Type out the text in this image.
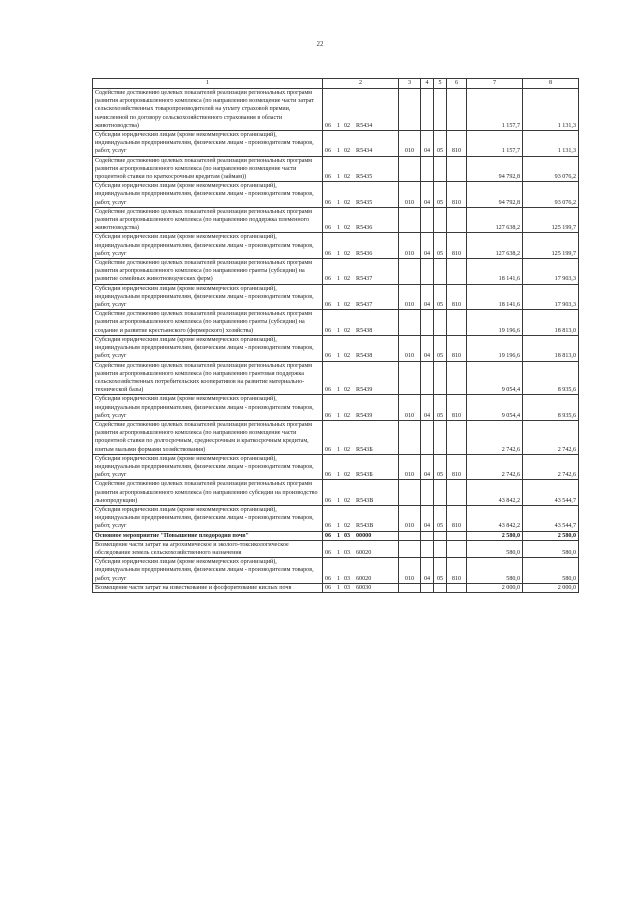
22
1	2	3	4	5	6	7	8
Содействие достижению целевых показателей реализации региональных программ развития агропромышленного комплекса (по направлению возмещение части затрат сельскохозяйственных товаропроизводителей на уплату страховой премии, начисленной по договору сельскохозяйственного страхования в области животноводства)	06 1 02 R5434					1 157,7	1 131,3
Субсидии юридическим лицам (кроме некоммерческих организаций), индивидуальным предпринимателям, физическим лицам - производителям товаров, работ, услуг	06 1 02 R5434	010	04	05	810	1 157,7	1 131,3
Содействие достижению целевых показателей реализации региональных программ развития агропромышленного комплекса (по направлению возмещение части процентной ставки по краткосрочным кредитам (займам))	06 1 02 R5435					94 792,8	93 076,2
Субсидии юридическим лицам (кроме некоммерческих организаций), индивидуальным предпринимателям, физическим лицам - производителям товаров, работ, услуг	06 1 02 R5435	010	04	05	810	94 792,8	93 076,2
Содействие достижению целевых показателей реализации региональных программ развития агропромышленного комплекса (по направлению поддержка племенного животноводства)	06 1 02 R5436					127 638,2	125 199,7
Субсидии юридическим лицам (кроме некоммерческих организаций), индивидуальным предпринимателям, физическим лицам - производителям товаров, работ, услуг	06 1 02 R5436	010	04	05	810	127 638,2	125 199,7
Содействие достижению целевых показателей реализации региональных программ развития агропромышленного комплекса (по направлению гранты (субсидии) на развитие семейных животноводческих ферм)	06 1 02 R5437					18 141,6	17 903,3
Субсидии юридическим лицам (кроме некоммерческих организаций), индивидуальным предпринимателям, физическим лицам - производителям товаров, работ, услуг	06 1 02 R5437	010	04	05	810	18 141,6	17 903,3
Содействие достижению целевых показателей реализации региональных программ развития агропромышленного комплекса (по направлению гранты (субсидии) на создание и развитие крестьянского (фермерского) хозяйства)	06 1 02 R5438					19 196,6	18 813,0
Субсидии юридическим лицам (кроме некоммерческих организаций), индивидуальным предпринимателям, физическим лицам - производителям товаров, работ, услуг	06 1 02 R5438	010	04	05	810	19 196,6	18 813,0
Содействие достижению целевых показателей реализации региональных программ развития агропромышленного комплекса (по направлению грантовая поддержка сельскохозяйственных потребительских кооперативов на развитие материально-технической базы)	06 1 02 R5439					9 054,4	8 935,6
Субсидии юридическим лицам (кроме некоммерческих организаций), индивидуальным предпринимателям, физическим лицам - производителям товаров, работ, услуг	06 1 02 R5439	010	04	05	810	9 054,4	8 935,6
Содействие достижению целевых показателей реализации региональных программ развития агропромышленного комплекса (по направлению возмещение части процентной ставки по долгосрочным, среднесрочным и краткосрочным кредитам, взятым малыми формами хозяйствования)	06 1 02 R543Б					2 742,6	2 742,6
Субсидии юридическим лицам (кроме некоммерческих организаций), индивидуальным предпринимателям, физическим лицам - производителям товаров, работ, услуг	06 1 02 R543Б	010	04	05	810	2 742,6	2 742,6
Содействие достижению целевых показателей реализации региональных программ развития агропромышленного комплекса (по направлению субсидии на производство льнопродукции)	06 1 02 R543В					43 842,2	43 544,7
Субсидии юридическим лицам (кроме некоммерческих организаций), индивидуальным предпринимателям, физическим лицам - производителям товаров, работ, услуг	06 1 02 R543В	010	04	05	810	43 842,2	43 544,7
Основное мероприятие "Повышение плодородия почв"	06 1 03 00000					2 580,0	2 580,0
Возмещение части затрат на агрохимическое и эколого-токсикологическое обследование земель сельскохозяйственного назначения	06 1 03 60020					580,0	580,0
Субсидии юридическим лицам (кроме некоммерческих организаций), индивидуальным предпринимателям, физическим лицам - производителям товаров, работ, услуг	06 1 03 60020	010	04	05	810	580,0	580,0
Возмещение части затрат на известкование и фосфоритование кислых почв	06 1 03 60030					2 000,0	2 000,0
